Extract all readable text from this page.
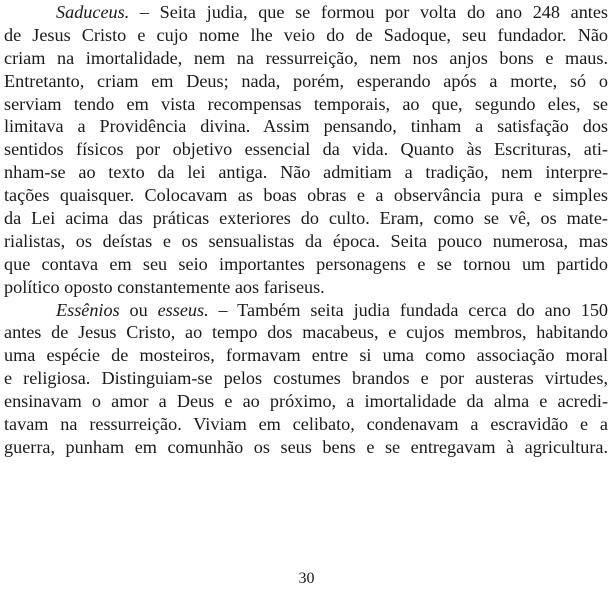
Saduceus. – Seita judia, que se formou por volta do ano 248 antes
de Jesus Cristo e cujo nome lhe veio do de Sadoque, seu fundador. Não
criam na imortalidade, nem na ressurreição, nem nos anjos bons e maus.
Entretanto, criam em Deus; nada, porém, esperando após a morte, só o
serviam tendo em vista recompensas temporais, ao que, segundo eles, se
limitava a Providência divina. Assim pensando, tinham a satisfação dos
sentidos físicos por objetivo essencial da vida. Quanto às Escrituras, ati-
nham-se ao texto da lei antiga. Não admitiam a tradição, nem interpre-
tações quaisquer. Colocavam as boas obras e a observância pura e simples
da Lei acima das práticas exteriores do culto. Eram, como se vê, os mate-
rialistas, os deístas e os sensualistas da época. Seita pouco numerosa, mas
que contava em seu seio importantes personagens e se tornou um partido
político oposto constantemente aos fariseus.
Essênios ou esseus. – Também seita judia fundada cerca do ano 150
antes de Jesus Cristo, ao tempo dos macabeus, e cujos membros, habitando
uma espécie de mosteiros, formavam entre si uma como associação moral
e religiosa. Distinguiam-se pelos costumes brandos e por austeras virtudes,
ensinavam o amor a Deus e ao próximo, a imortalidade da alma e acredi-
tavam na ressurreição. Viviam em celibato, condenavam a escravidão e a
guerra, punham em comunhão os seus bens e se entregavam à agricultura.
30
